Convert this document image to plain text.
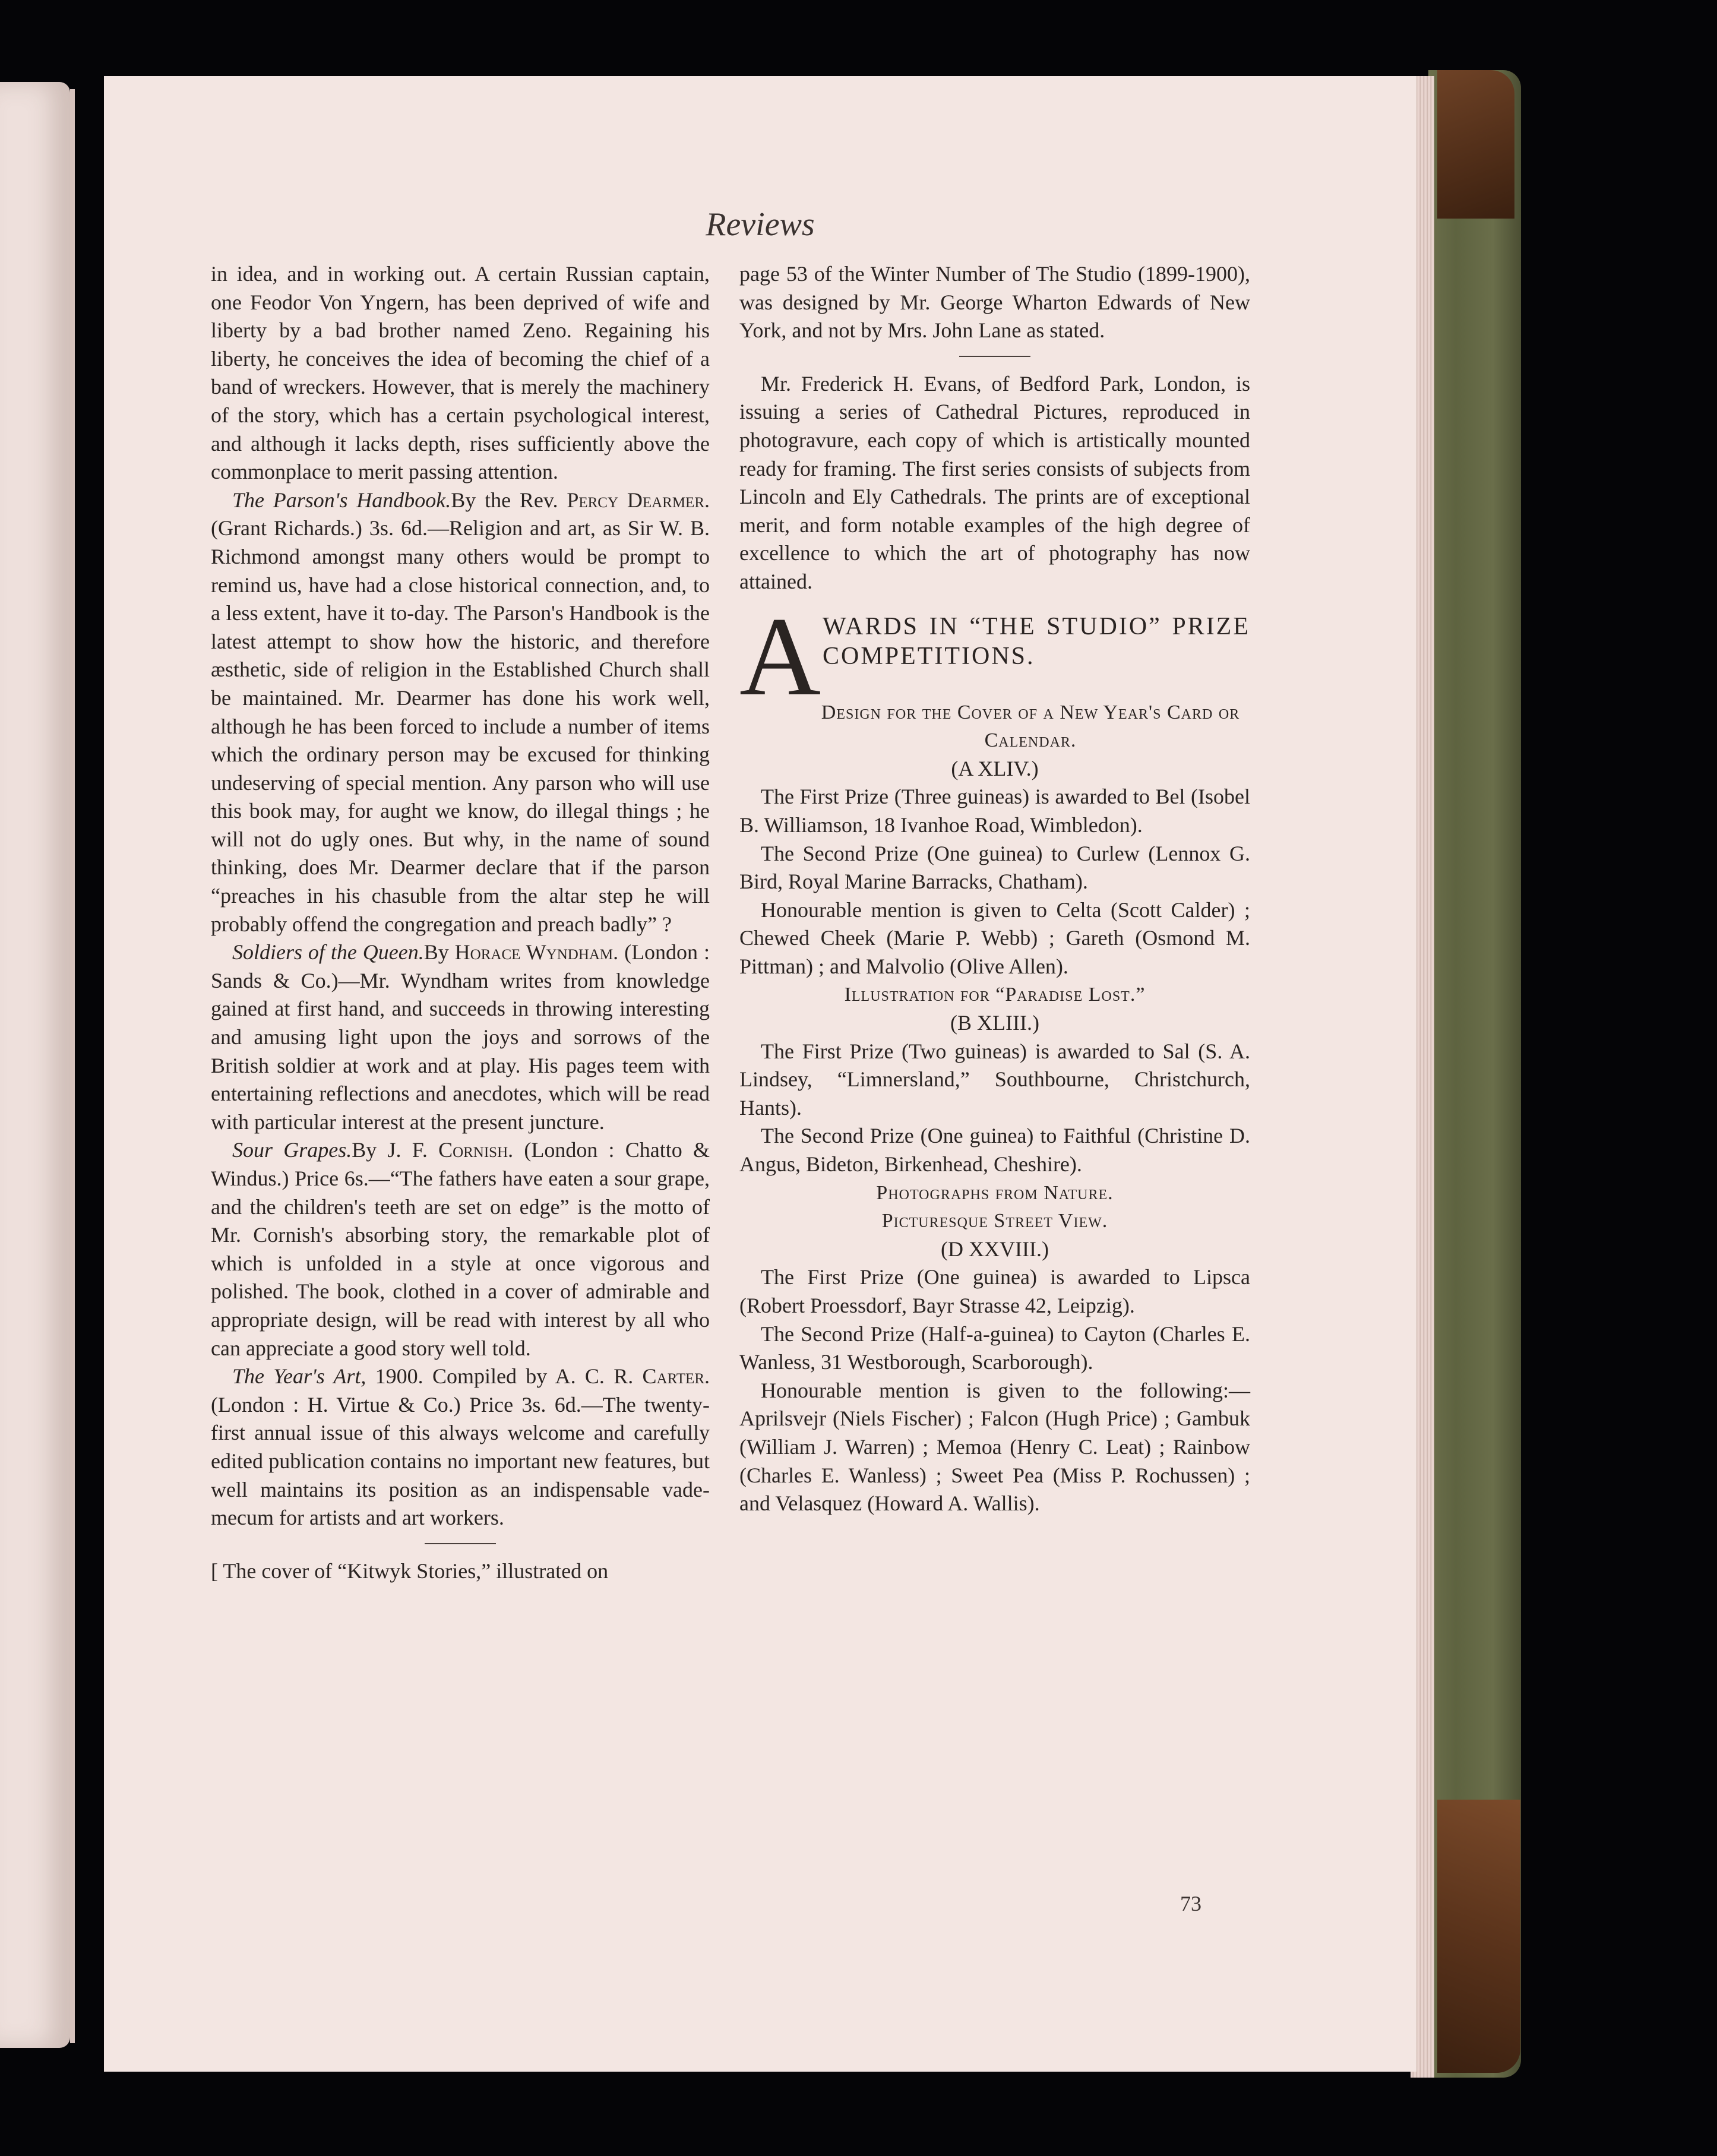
Reviews

in idea, and in working out. A certain Russian captain, one Feodor Von Yngern, has been deprived of wife and liberty by a bad brother named Zeno. Regaining his liberty, he conceives the idea of becoming the chief of a band of wreckers. However, that is merely the machinery of the story, which has a certain psychological interest, and although it lacks depth, rises sufficiently above the commonplace to merit passing attention.

The Parson's Handbook.By the Rev. Percy Dearmer. (Grant Richards.) 3s. 6d.—Religion and art, as Sir W. B. Richmond amongst many others would be prompt to remind us, have had a close historical connection, and, to a less extent, have it to-day. The Parson's Handbook is the latest attempt to show how the historic, and therefore æsthetic, side of religion in the Established Church shall be maintained. Mr. Dearmer has done his work well, although he has been forced to include a number of items which the ordinary person may be excused for thinking undeserving of special mention. Any parson who will use this book may, for aught we know, do illegal things ; he will not do ugly ones. But why, in the name of sound thinking, does Mr. Dearmer declare that if the parson “preaches in his chasuble from the altar step he will probably offend the congregation and preach badly” ?

Soldiers of the Queen.By Horace Wyndham. (London : Sands & Co.)—Mr. Wyndham writes from knowledge gained at first hand, and succeeds in throwing interesting and amusing light upon the joys and sorrows of the British soldier at work and at play. His pages teem with entertaining reflections and anecdotes, which will be read with particular interest at the present juncture.

Sour Grapes.By J. F. Cornish. (London : Chatto & Windus.) Price 6s.—“The fathers have eaten a sour grape, and the children's teeth are set on edge” is the motto of Mr. Cornish's absorbing story, the remarkable plot of which is unfolded in a style at once vigorous and polished. The book, clothed in a cover of admirable and appropriate design, will be read with interest by all who can appreciate a good story well told.

The Year's Art, 1900. Compiled by A. C. R. Carter. (London : H. Virtue & Co.) Price 3s. 6d.—The twenty-first annual issue of this always welcome and carefully edited publication contains no important new features, but well maintains its position as an indispensable vade-mecum for artists and art workers.

[ The cover of “Kitwyk Stories,” illustrated on

page 53 of the Winter Number of The Studio (1899-1900), was designed by Mr. George Wharton Edwards of New York, and not by Mrs. John Lane as stated.

Mr. Frederick H. Evans, of Bedford Park, London, is issuing a series of Cathedral Pictures, reproduced in photogravure, each copy of which is artistically mounted ready for framing. The first series consists of subjects from Lincoln and Ely Cathedrals. The prints are of exceptional merit, and form notable examples of the high degree of excellence to which the art of photography has now attained.

A WARDS IN “THE STUDIO” PRIZE COMPETITIONS.

Design for the Cover of a New Year's Card or Calendar.

(A XLIV.)

The First Prize (Three guineas) is awarded to Bel (Isobel B. Williamson, 18 Ivanhoe Road, Wimbledon).

The Second Prize (One guinea) to Curlew (Lennox G. Bird, Royal Marine Barracks, Chatham).

Honourable mention is given to Celta (Scott Calder) ; Chewed Cheek (Marie P. Webb) ; Gareth (Osmond M. Pittman) ; and Malvolio (Olive Allen).

Illustration for “Paradise Lost.”

(B XLIII.)

The First Prize (Two guineas) is awarded to Sal (S. A. Lindsey, “Limnersland,” Southbourne, Christchurch, Hants).

The Second Prize (One guinea) to Faithful (Christine D. Angus, Bideton, Birkenhead, Cheshire).

Photographs from Nature.

Picturesque Street View.

(D XXVIII.)

The First Prize (One guinea) is awarded to Lipsca (Robert Proessdorf, Bayr Strasse 42, Leipzig).

The Second Prize (Half-a-guinea) to Cayton (Charles E. Wanless, 31 Westborough, Scarborough).

Honourable mention is given to the following:— Aprilsvejr (Niels Fischer) ; Falcon (Hugh Price) ; Gambuk (William J. Warren) ; Memoa (Henry C. Leat) ; Rainbow (Charles E. Wanless) ; Sweet Pea (Miss P. Rochussen) ; and Velasquez (Howard A. Wallis).

73
